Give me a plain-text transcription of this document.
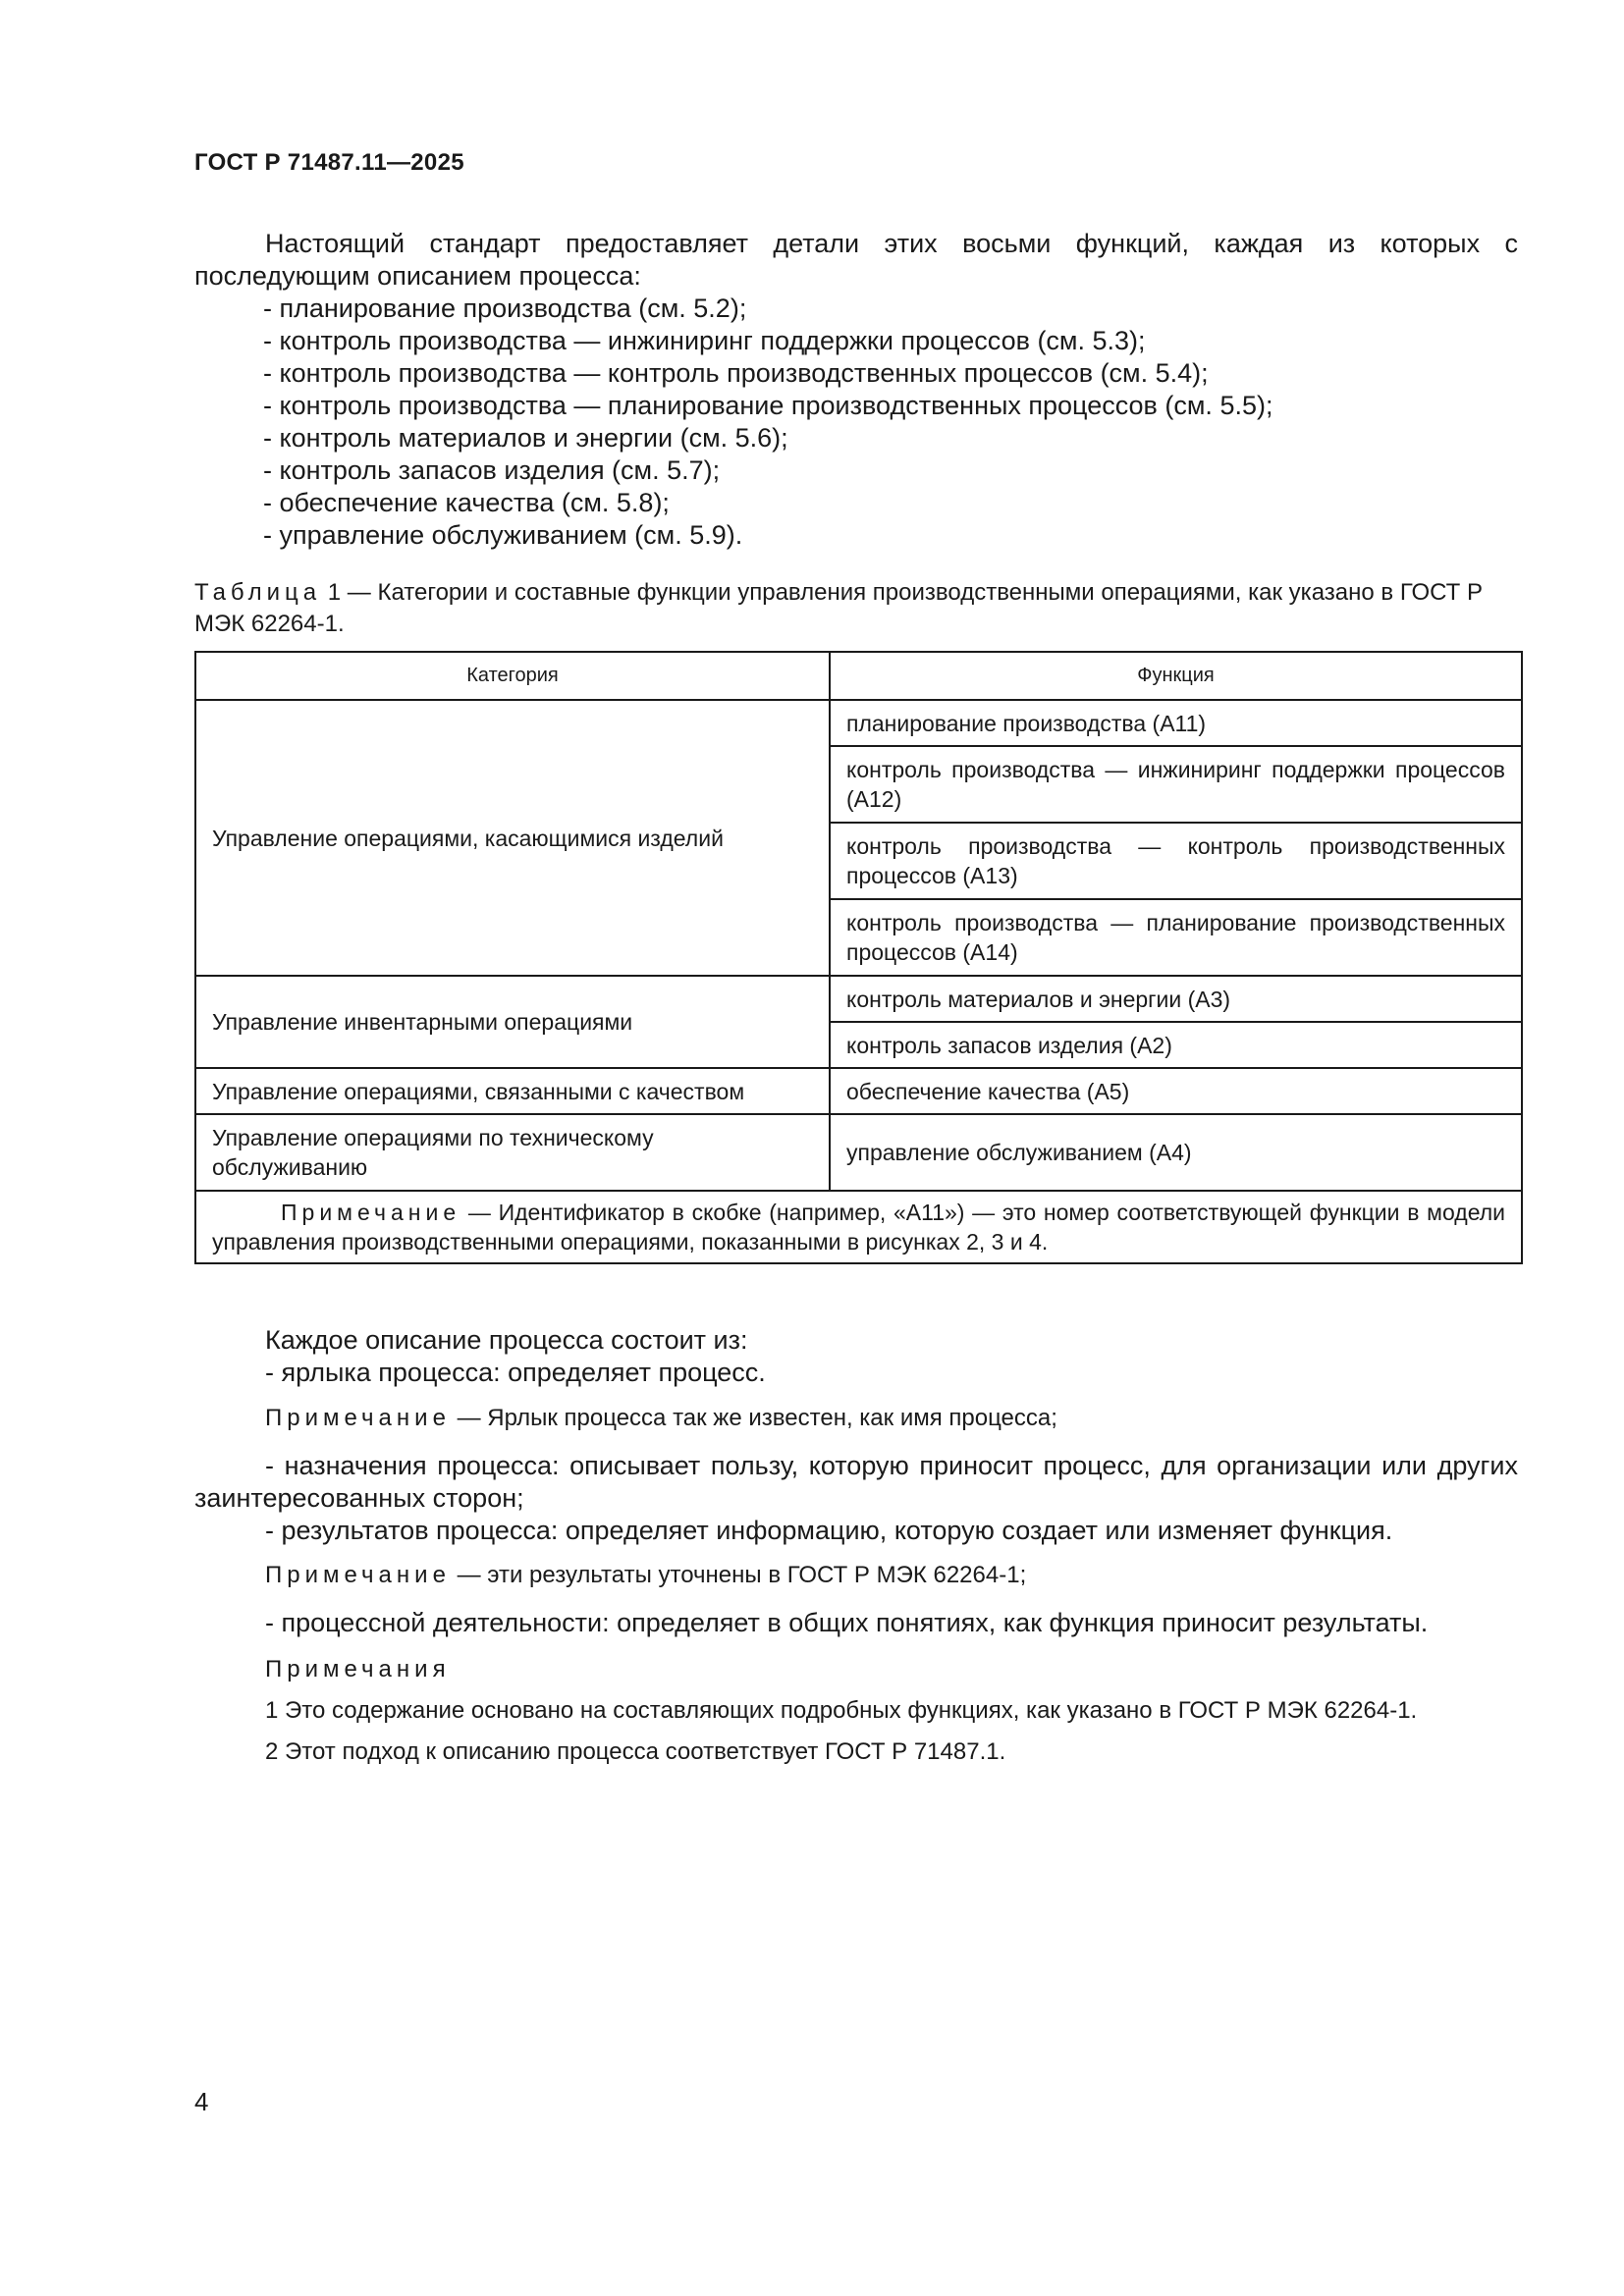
ГОСТ Р 71487.11—2025
Настоящий стандарт предоставляет детали этих восьми функций, каждая из которых с последующим описанием процесса:
- планирование производства (см. 5.2);
- контроль производства — инжиниринг поддержки процессов (см. 5.3);
- контроль производства — контроль производственных процессов (см. 5.4);
- контроль производства — планирование производственных процессов (см. 5.5);
- контроль материалов и энергии (см. 5.6);
- контроль запасов изделия (см. 5.7);
- обеспечение качества (см. 5.8);
- управление обслуживанием (см. 5.9).
Таблица 1 — Категории и составные функции управления производственными операциями, как указано в ГОСТ Р МЭК 62264-1.
Категория	Функция
Управление операциями, касающимися изделий	планирование производства (A11)
	контроль производства — инжиниринг поддержки процессов (A12)
	контроль производства — контроль производственных процессов (A13)
	контроль производства — планирование производственных процессов (A14)
Управление инвентарными операциями	контроль материалов и энергии (A3)
	контроль запасов изделия (A2)
Управление операциями, связанными с качеством	обеспечение качества (A5)
Управление операциями по техническому обслуживанию	управление обслуживанием (A4)
Примечание — Идентификатор в скобке (например, «A11») — это номер соответствующей функции в модели управления производственными операциями, показанными в рисунках 2, 3 и 4.	
Каждое описание процесса состоит из:
- ярлыка процесса: определяет процесс.
Примечание — Ярлык процесса так же известен, как имя процесса;
- назначения процесса: описывает пользу, которую приносит процесс, для организации или других заинтересованных сторон;
- результатов процесса: определяет информацию, которую создает или изменяет функция.
Примечание — эти результаты уточнены в ГОСТ Р МЭК 62264-1;
- процессной деятельности: определяет в общих понятиях, как функция приносит результаты.
Примечания
1 Это содержание основано на составляющих подробных функциях, как указано в ГОСТ Р МЭК 62264-1.
2 Этот подход к описанию процесса соответствует ГОСТ Р 71487.1.
4
